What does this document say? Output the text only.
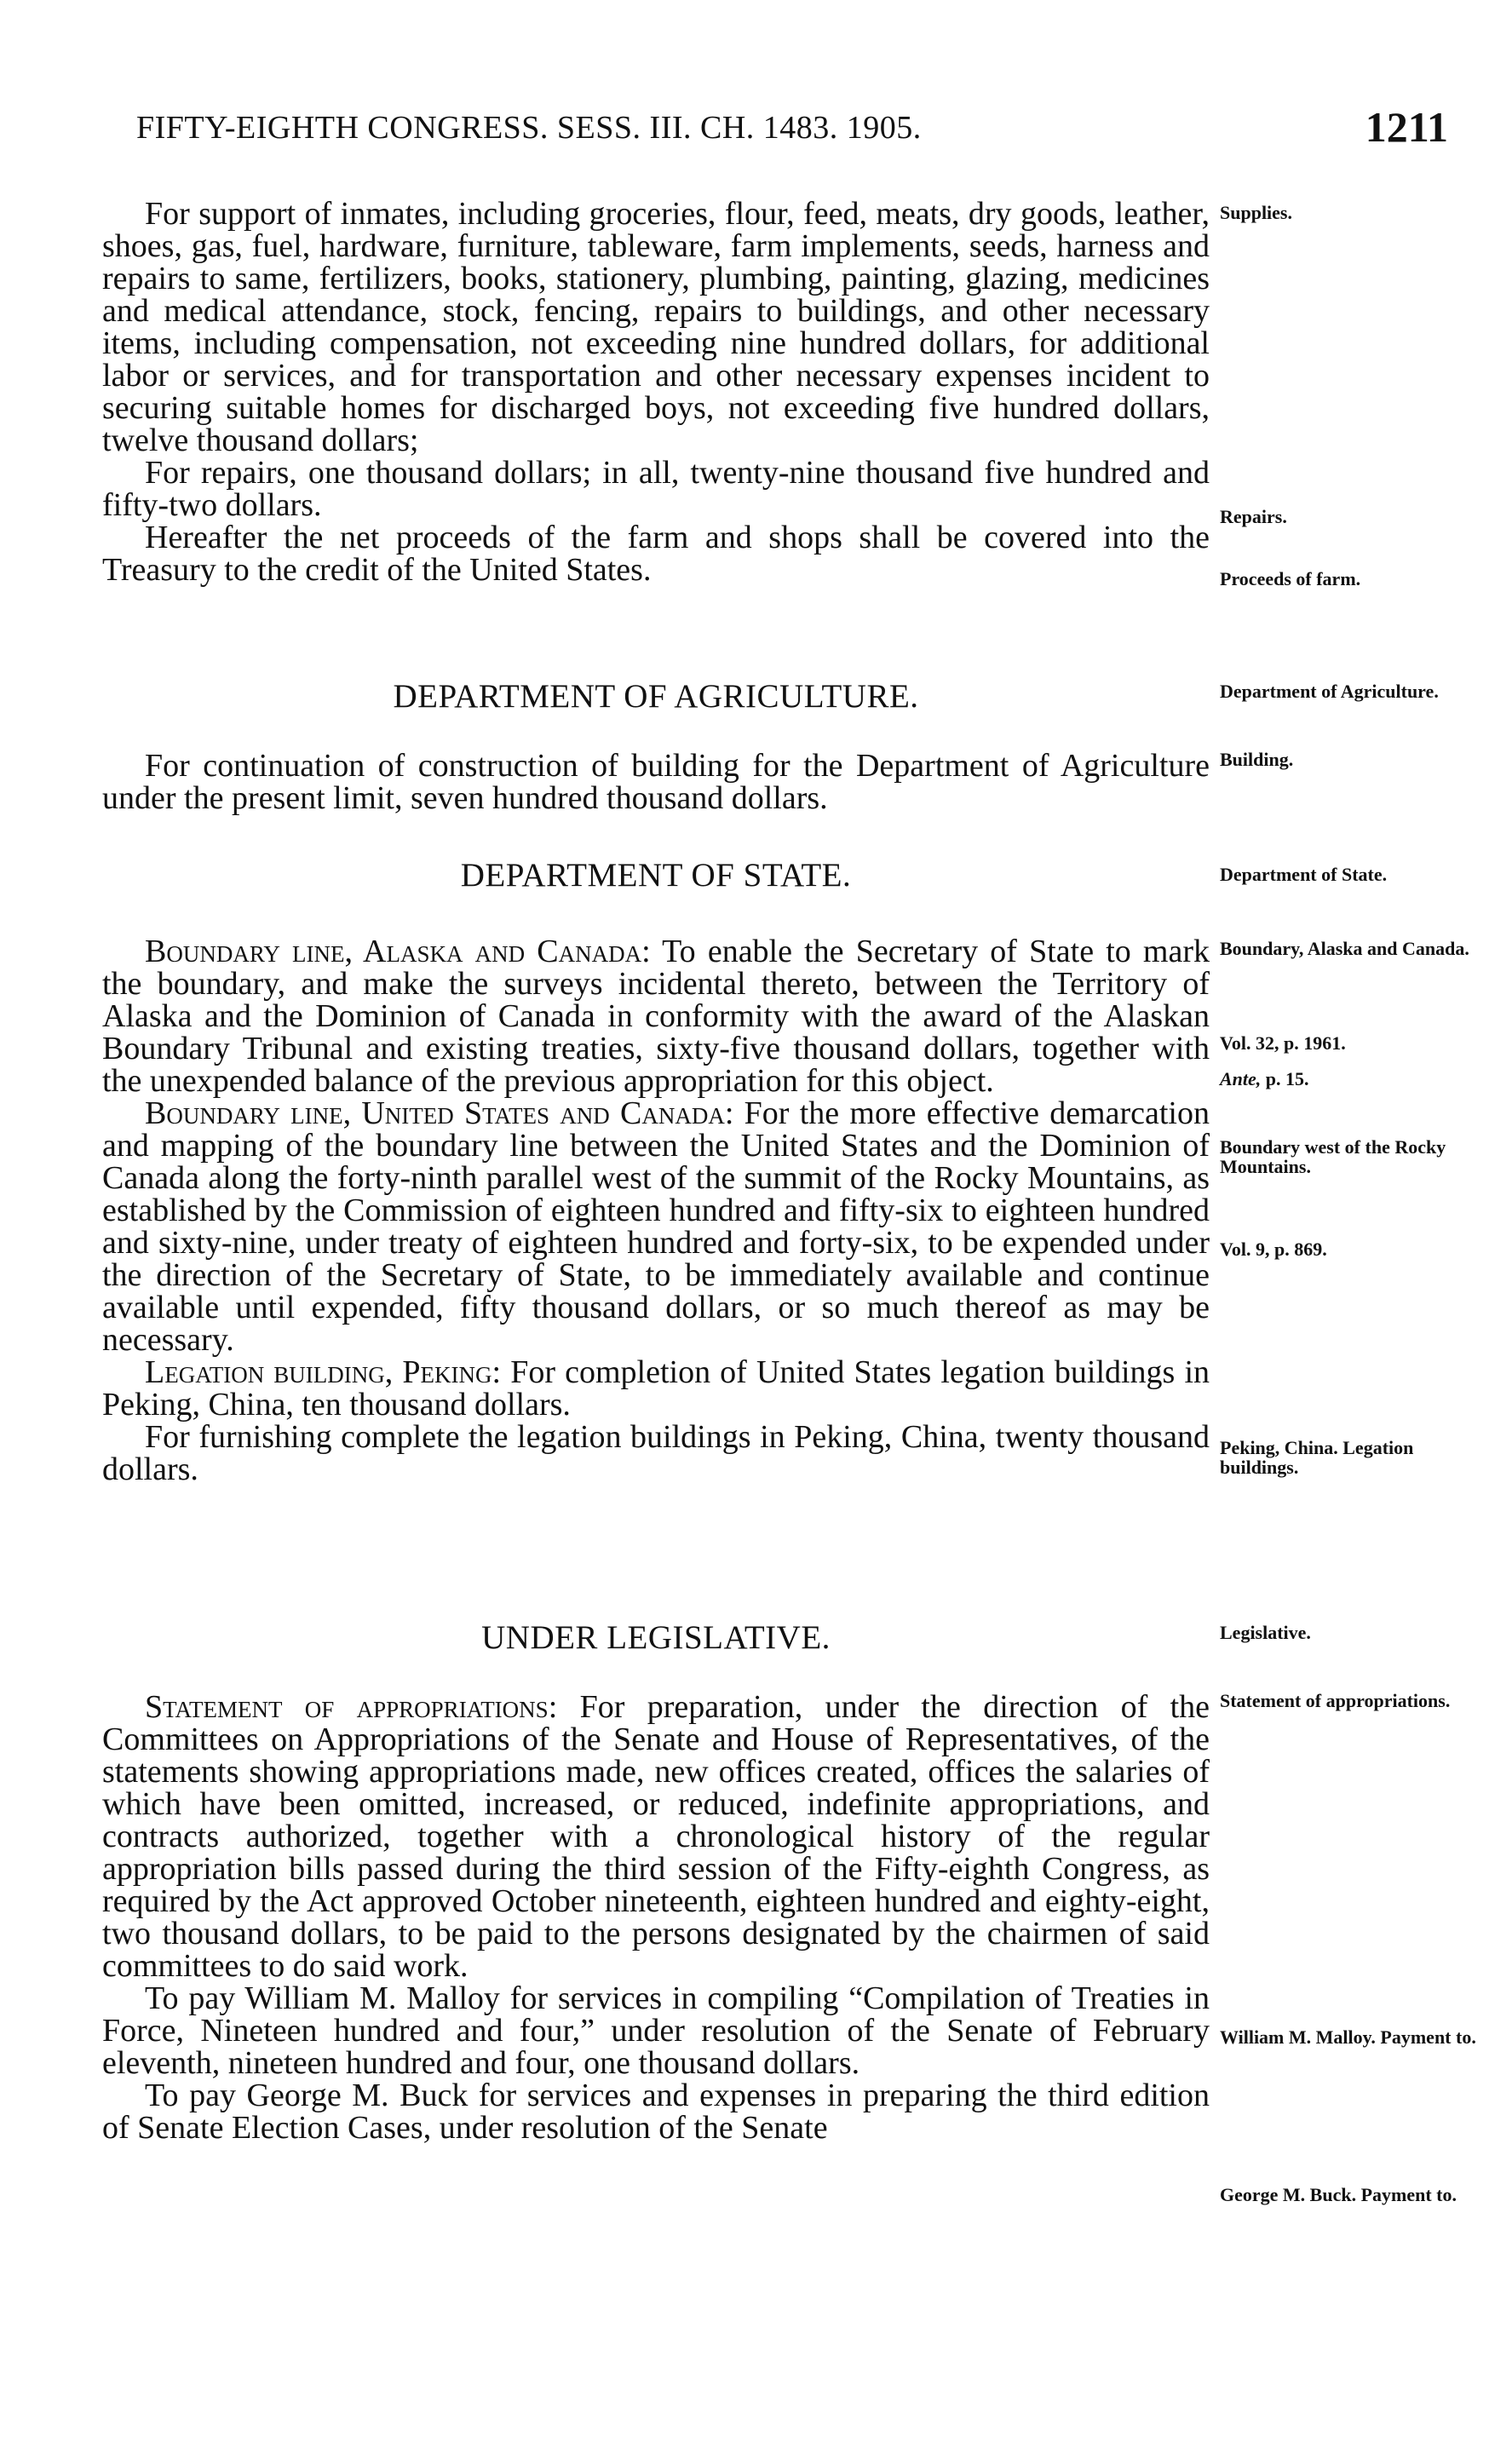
FIFTY-EIGHTH CONGRESS. SESS. III. CH. 1483. 1905.	1211

For support of inmates, including groceries, flour, feed, meats, dry goods, leather, shoes, gas, fuel, hardware, furniture, tableware, farm implements, seeds, harness and repairs to same, fertilizers, books, stationery, plumbing, painting, glazing, medicines and medical attendance, stock, fencing, repairs to buildings, and other necessary items, including compensation, not exceeding nine hundred dollars, for additional labor or services, and for transportation and other necessary expenses incident to securing suitable homes for discharged boys, not exceeding five hundred dollars, twelve thousand dollars;

For repairs, one thousand dollars; in all, twenty-nine thousand five hundred and fifty-two dollars.

Hereafter the net proceeds of the farm and shops shall be covered into the Treasury to the credit of the United States.

DEPARTMENT OF AGRICULTURE.

For continuation of construction of building for the Department of Agriculture under the present limit, seven hundred thousand dollars.

DEPARTMENT OF STATE.

Boundary line, Alaska and Canada: To enable the Secretary of State to mark the boundary, and make the surveys incidental thereto, between the Territory of Alaska and the Dominion of Canada in conformity with the award of the Alaskan Boundary Tribunal and existing treaties, sixty-five thousand dollars, together with the unexpended balance of the previous appropriation for this object.

Boundary line, United States and Canada: For the more effective demarcation and mapping of the boundary line between the United States and the Dominion of Canada along the forty-ninth parallel west of the summit of the Rocky Mountains, as established by the Commission of eighteen hundred and fifty-six to eighteen hundred and sixty-nine, under treaty of eighteen hundred and forty-six, to be expended under the direction of the Secretary of State, to be immediately available and continue available until expended, fifty thousand dollars, or so much thereof as may be necessary.

Legation building, Peking: For completion of United States legation buildings in Peking, China, ten thousand dollars.

For furnishing complete the legation buildings in Peking, China, twenty thousand dollars.

UNDER LEGISLATIVE.

Statement of appropriations: For preparation, under the direction of the Committees on Appropriations of the Senate and House of Representatives, of the statements showing appropriations made, new offices created, offices the salaries of which have been omitted, increased, or reduced, indefinite appropriations, and contracts authorized, together with a chronological history of the regular appropriation bills passed during the third session of the Fifty-eighth Congress, as required by the Act approved October nineteenth, eighteen hundred and eighty-eight, two thousand dollars, to be paid to the persons designated by the chairmen of said committees to do said work.

To pay William M. Malloy for services in compiling “Compilation of Treaties in Force, Nineteen hundred and four,” under resolution of the Senate of February eleventh, nineteen hundred and four, one thousand dollars.

To pay George M. Buck for services and expenses in preparing the third edition of Senate Election Cases, under resolution of the Senate

Supplies.
Repairs.
Proceeds of farm.
Department of Agriculture.
Building.
Department of State.
Boundary, Alaska and Canada.
Vol. 32, p. 1961.
Ante, p. 15.
Boundary west of the Rocky Mountains.
Vol. 9, p. 869.
Peking, China. Legation buildings.
Legislative.
Statement of appropriations.
William M. Malloy. Payment to.
George M. Buck. Payment to.
